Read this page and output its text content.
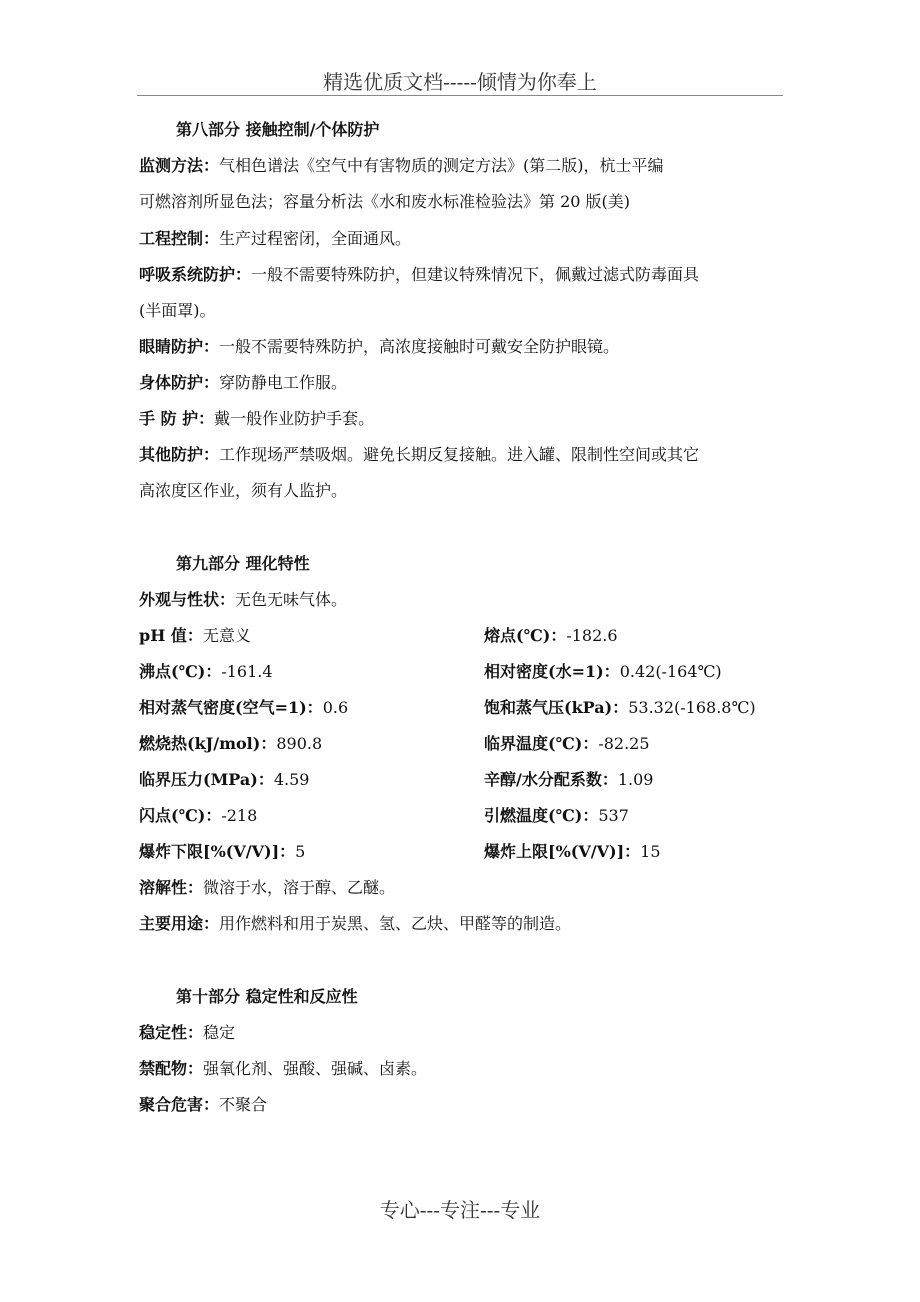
精选优质文档-----倾情为你奉上
第八部分 接触控制/个体防护
监测方法：气相色谱法《空气中有害物质的测定方法》(第二版)，杭士平编
可燃溶剂所显色法；容量分析法《水和废水标准检验法》第 20 版(美)
工程控制：生产过程密闭，全面通风。
呼吸系统防护：一般不需要特殊防护，但建议特殊情况下，佩戴过滤式防毒面具
(半面罩)。
眼睛防护：一般不需要特殊防护，高浓度接触时可戴安全防护眼镜。
身体防护：穿防静电工作服。
手 防 护：戴一般作业防护手套。
其他防护：工作现场严禁吸烟。避免长期反复接触。进入罐、限制性空间或其它
高浓度区作业，须有人监护。
第九部分 理化特性
外观与性状：无色无味气体。
pH 值：无意义	熔点(℃)：-182.6
沸点(℃)：-161.4	相对密度(水=1)：0.42(-164℃)
相对蒸气密度(空气=1)：0.6	饱和蒸气压(kPa)：53.32(-168.8℃)
燃烧热(kJ/mol)：890.8	临界温度(℃)：-82.25
临界压力(MPa)：4.59	辛醇/水分配系数：1.09
闪点(℃)：-218	引燃温度(℃)：537
爆炸下限[%(V/V)]：5	爆炸上限[%(V/V)]：15
溶解性：微溶于水，溶于醇、乙醚。
主要用途：用作燃料和用于炭黑、氢、乙炔、甲醛等的制造。
第十部分 稳定性和反应性
稳定性：稳定
禁配物：强氧化剂、强酸、强碱、卤素。
聚合危害：不聚合
专心---专注---专业
